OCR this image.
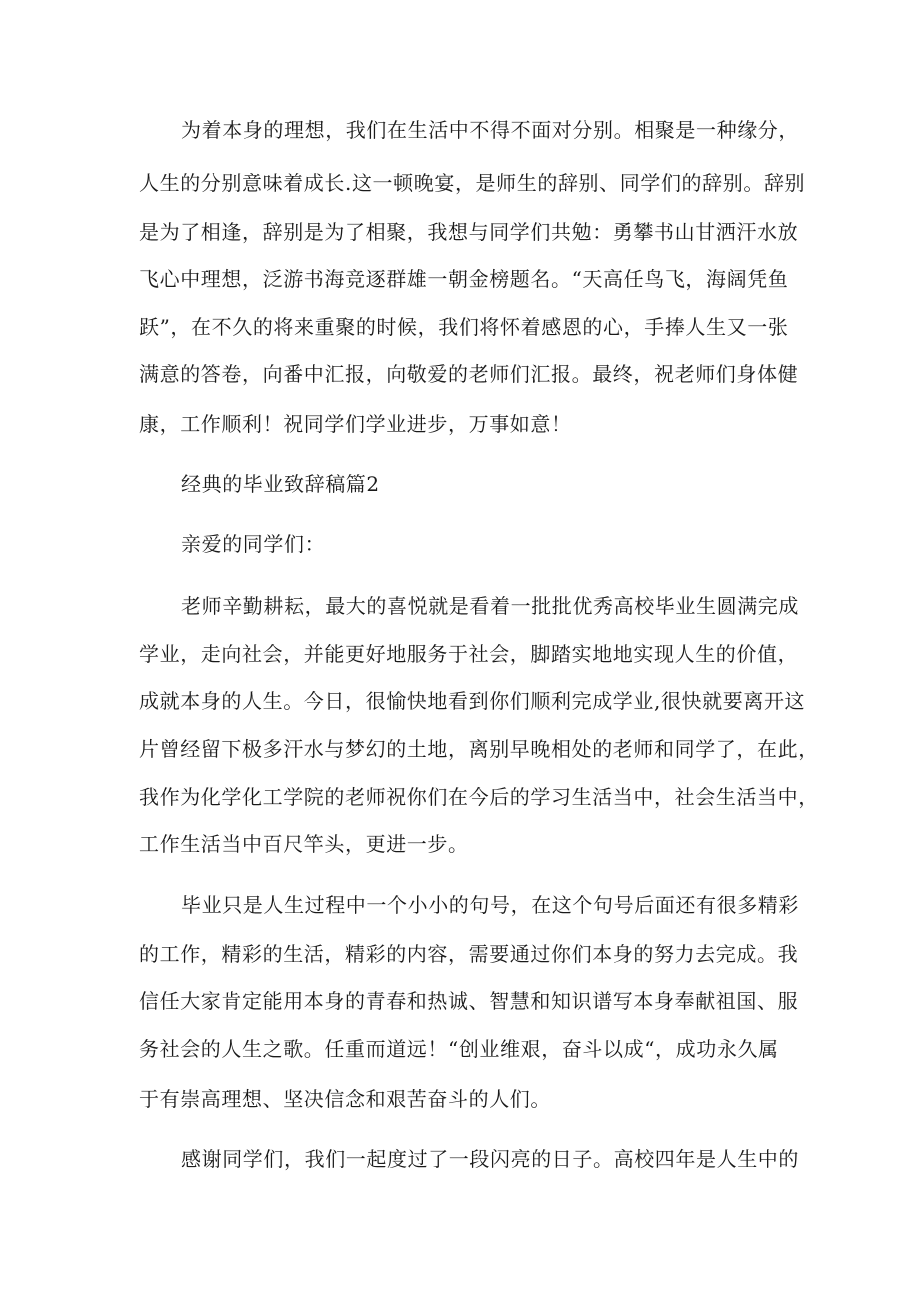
为着本身的理想，我们在生活中不得不面对分别。相聚是一种缘分，
人生的分别意味着成长.这一顿晚宴，是师生的辞别、同学们的辞别。辞别
是为了相逢，辞别是为了相聚，我想与同学们共勉：勇攀书山甘洒汗水放
飞心中理想，泛游书海竞逐群雄一朝金榜题名。“天高任鸟飞，海阔凭鱼
跃”，在不久的将来重聚的时候，我们将怀着感恩的心，手捧人生又一张
满意的答卷，向番中汇报，向敬爱的老师们汇报。最终，祝老师们身体健
康，工作顺利！祝同学们学业进步，万事如意！
经典的毕业致辞稿篇2
亲爱的同学们：
老师辛勤耕耘，最大的喜悦就是看着一批批优秀高校毕业生圆满完成
学业，走向社会，并能更好地服务于社会，脚踏实地地实现人生的价值，
成就本身的人生。今日，很愉快地看到你们顺利完成学业,很快就要离开这
片曾经留下极多汗水与梦幻的土地，离别早晚相处的老师和同学了，在此，
我作为化学化工学院的老师祝你们在今后的学习生活当中，社会生活当中，
工作生活当中百尺竿头，更进一步。
毕业只是人生过程中一个小小的句号，在这个句号后面还有很多精彩
的工作，精彩的生活，精彩的内容，需要通过你们本身的努力去完成。我
信任大家肯定能用本身的青春和热诚、智慧和知识谱写本身奉献祖国、服
务社会的人生之歌。任重而道远！“创业维艰，奋斗以成“，成功永久属
于有崇高理想、坚决信念和艰苦奋斗的人们。
感谢同学们，我们一起度过了一段闪亮的日子。高校四年是人生中的
